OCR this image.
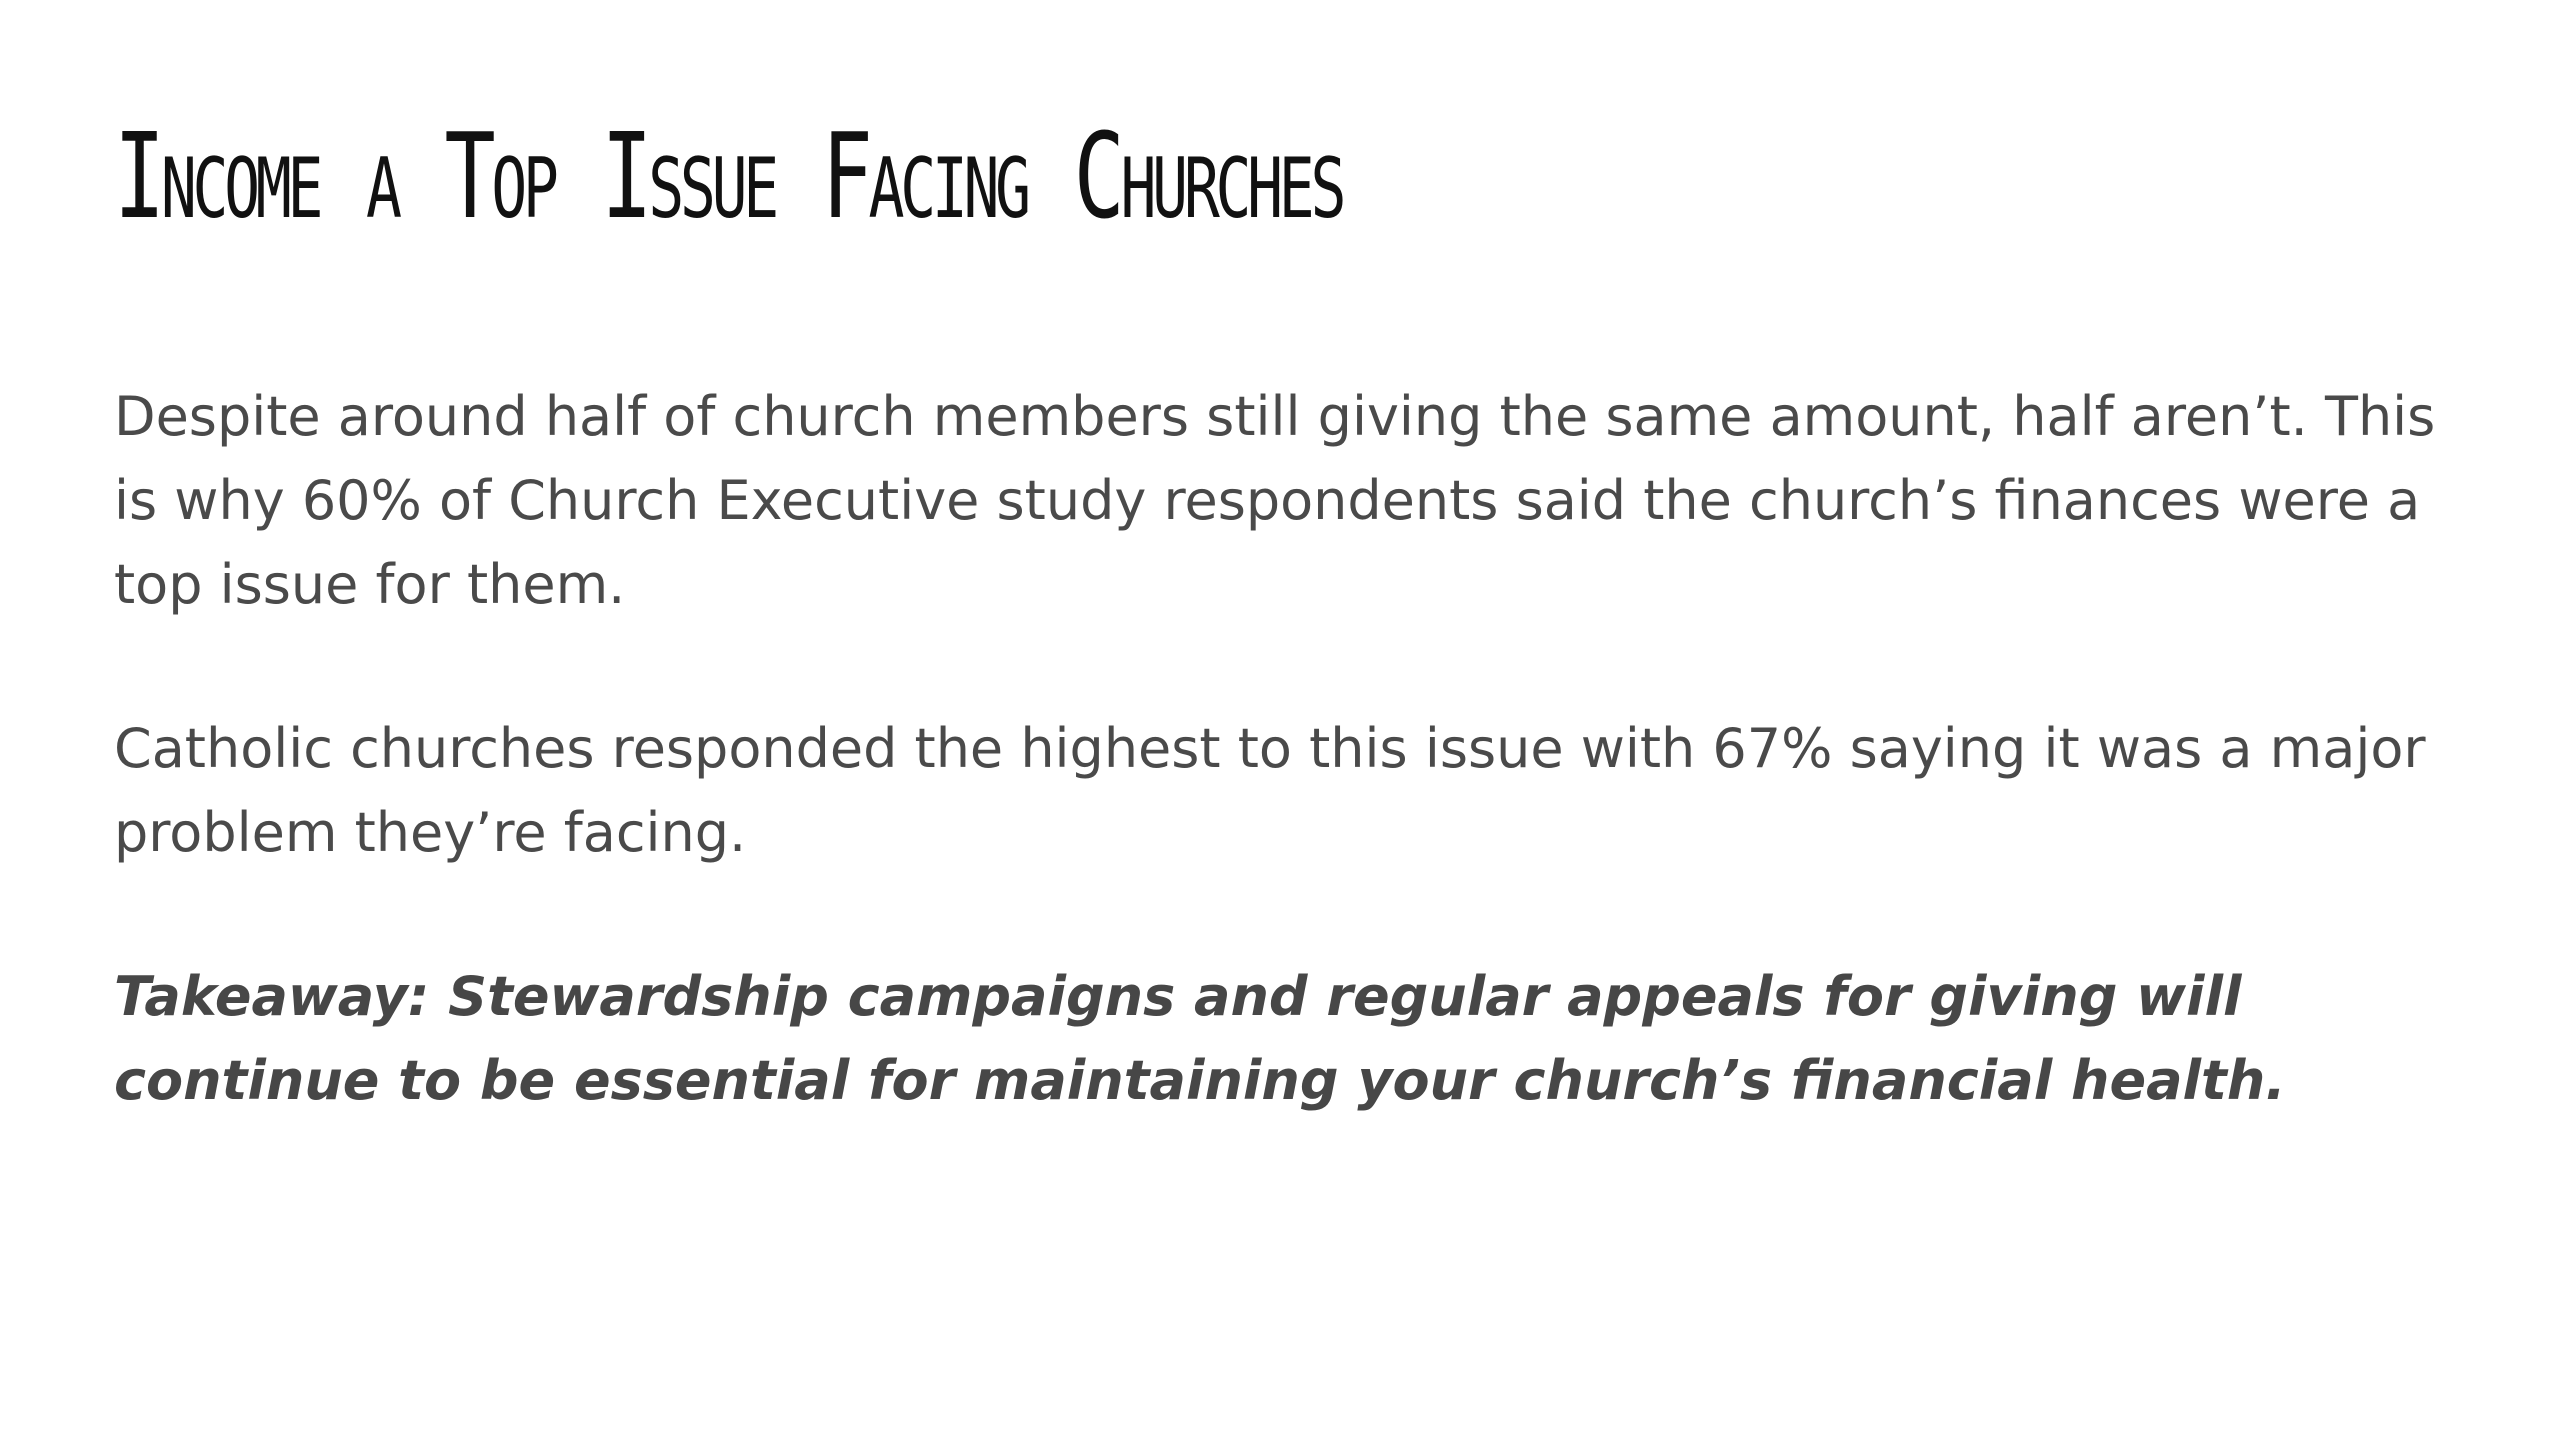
Income a Top Issue Facing Churches

Despite around half of church members still giving the same amount, half aren’t. This is why 60% of Church Executive study respondents said the church’s finances were a top issue for them.

Catholic churches responded the highest to this issue with 67% saying it was a major problem they’re facing.

Takeaway: Stewardship campaigns and regular appeals for giving will continue to be essential for maintaining your church’s financial health.
